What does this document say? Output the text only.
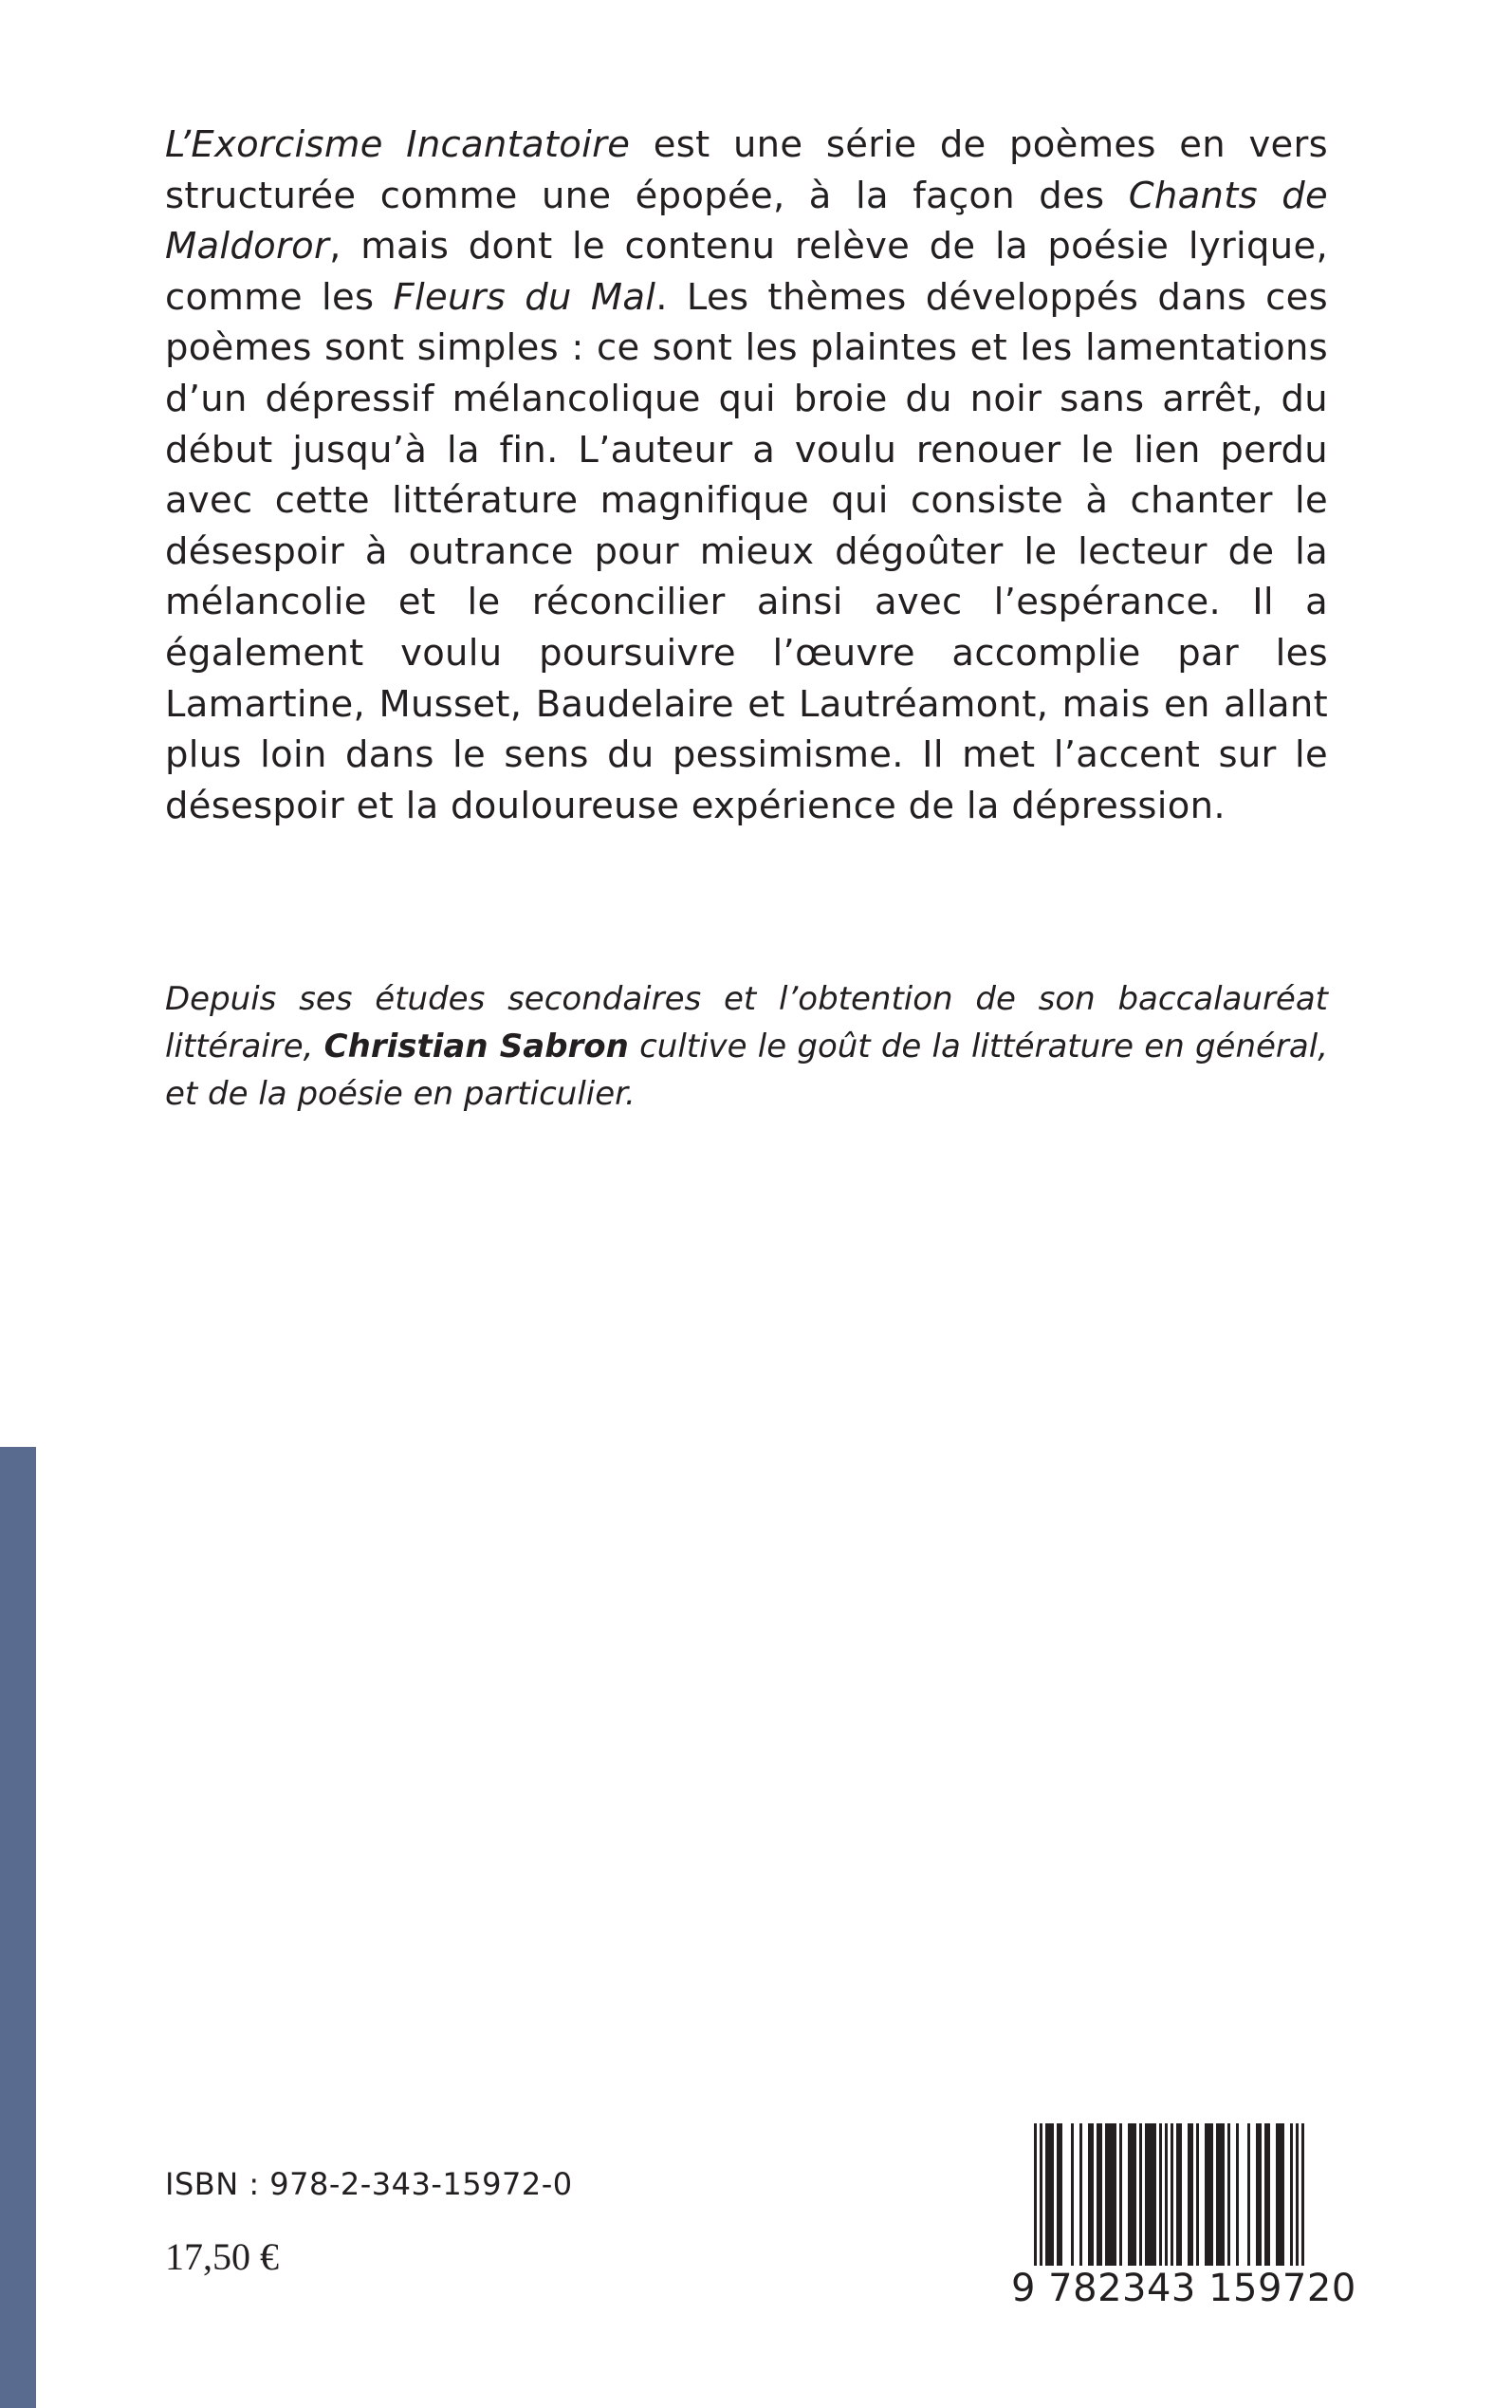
L’Exorcisme Incantatoire est une série de poèmes en vers structurée comme une épopée, à la façon des Chants de Maldoror, mais dont le contenu relève de la poésie lyrique, comme les Fleurs du Mal. Les thèmes développés dans ces poèmes sont simples : ce sont les plaintes et les lamentations d’un dépressif mélancolique qui broie du noir sans arrêt, du début jusqu’à la fin. L’auteur a voulu renouer le lien perdu avec cette littérature magnifique qui consiste à chanter le désespoir à outrance pour mieux dégoûter le lecteur de la mélancolie et le réconcilier ainsi avec l’espérance. Il a également voulu poursuivre l’œuvre accomplie par les Lamartine, Musset, Baudelaire et Lautréamont, mais en allant plus loin dans le sens du pessimisme. Il met l’accent sur le désespoir et la douloureuse expérience de la dépression.

Depuis ses études secondaires et l’obtention de son baccalauréat littéraire, Christian Sabron cultive le goût de la littérature en général, et de la poésie en particulier.

ISBN : 978-2-343-15972-0
17,50 €
9 782343 159720
